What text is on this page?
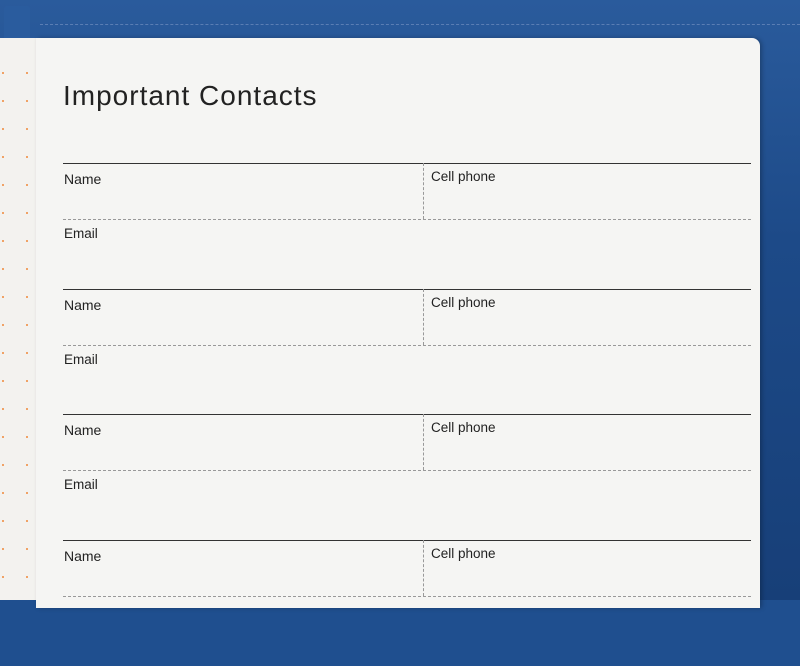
Important Contacts
Name	Cell phone
Email
Name	Cell phone
Email
Name	Cell phone
Email
Name	Cell phone
